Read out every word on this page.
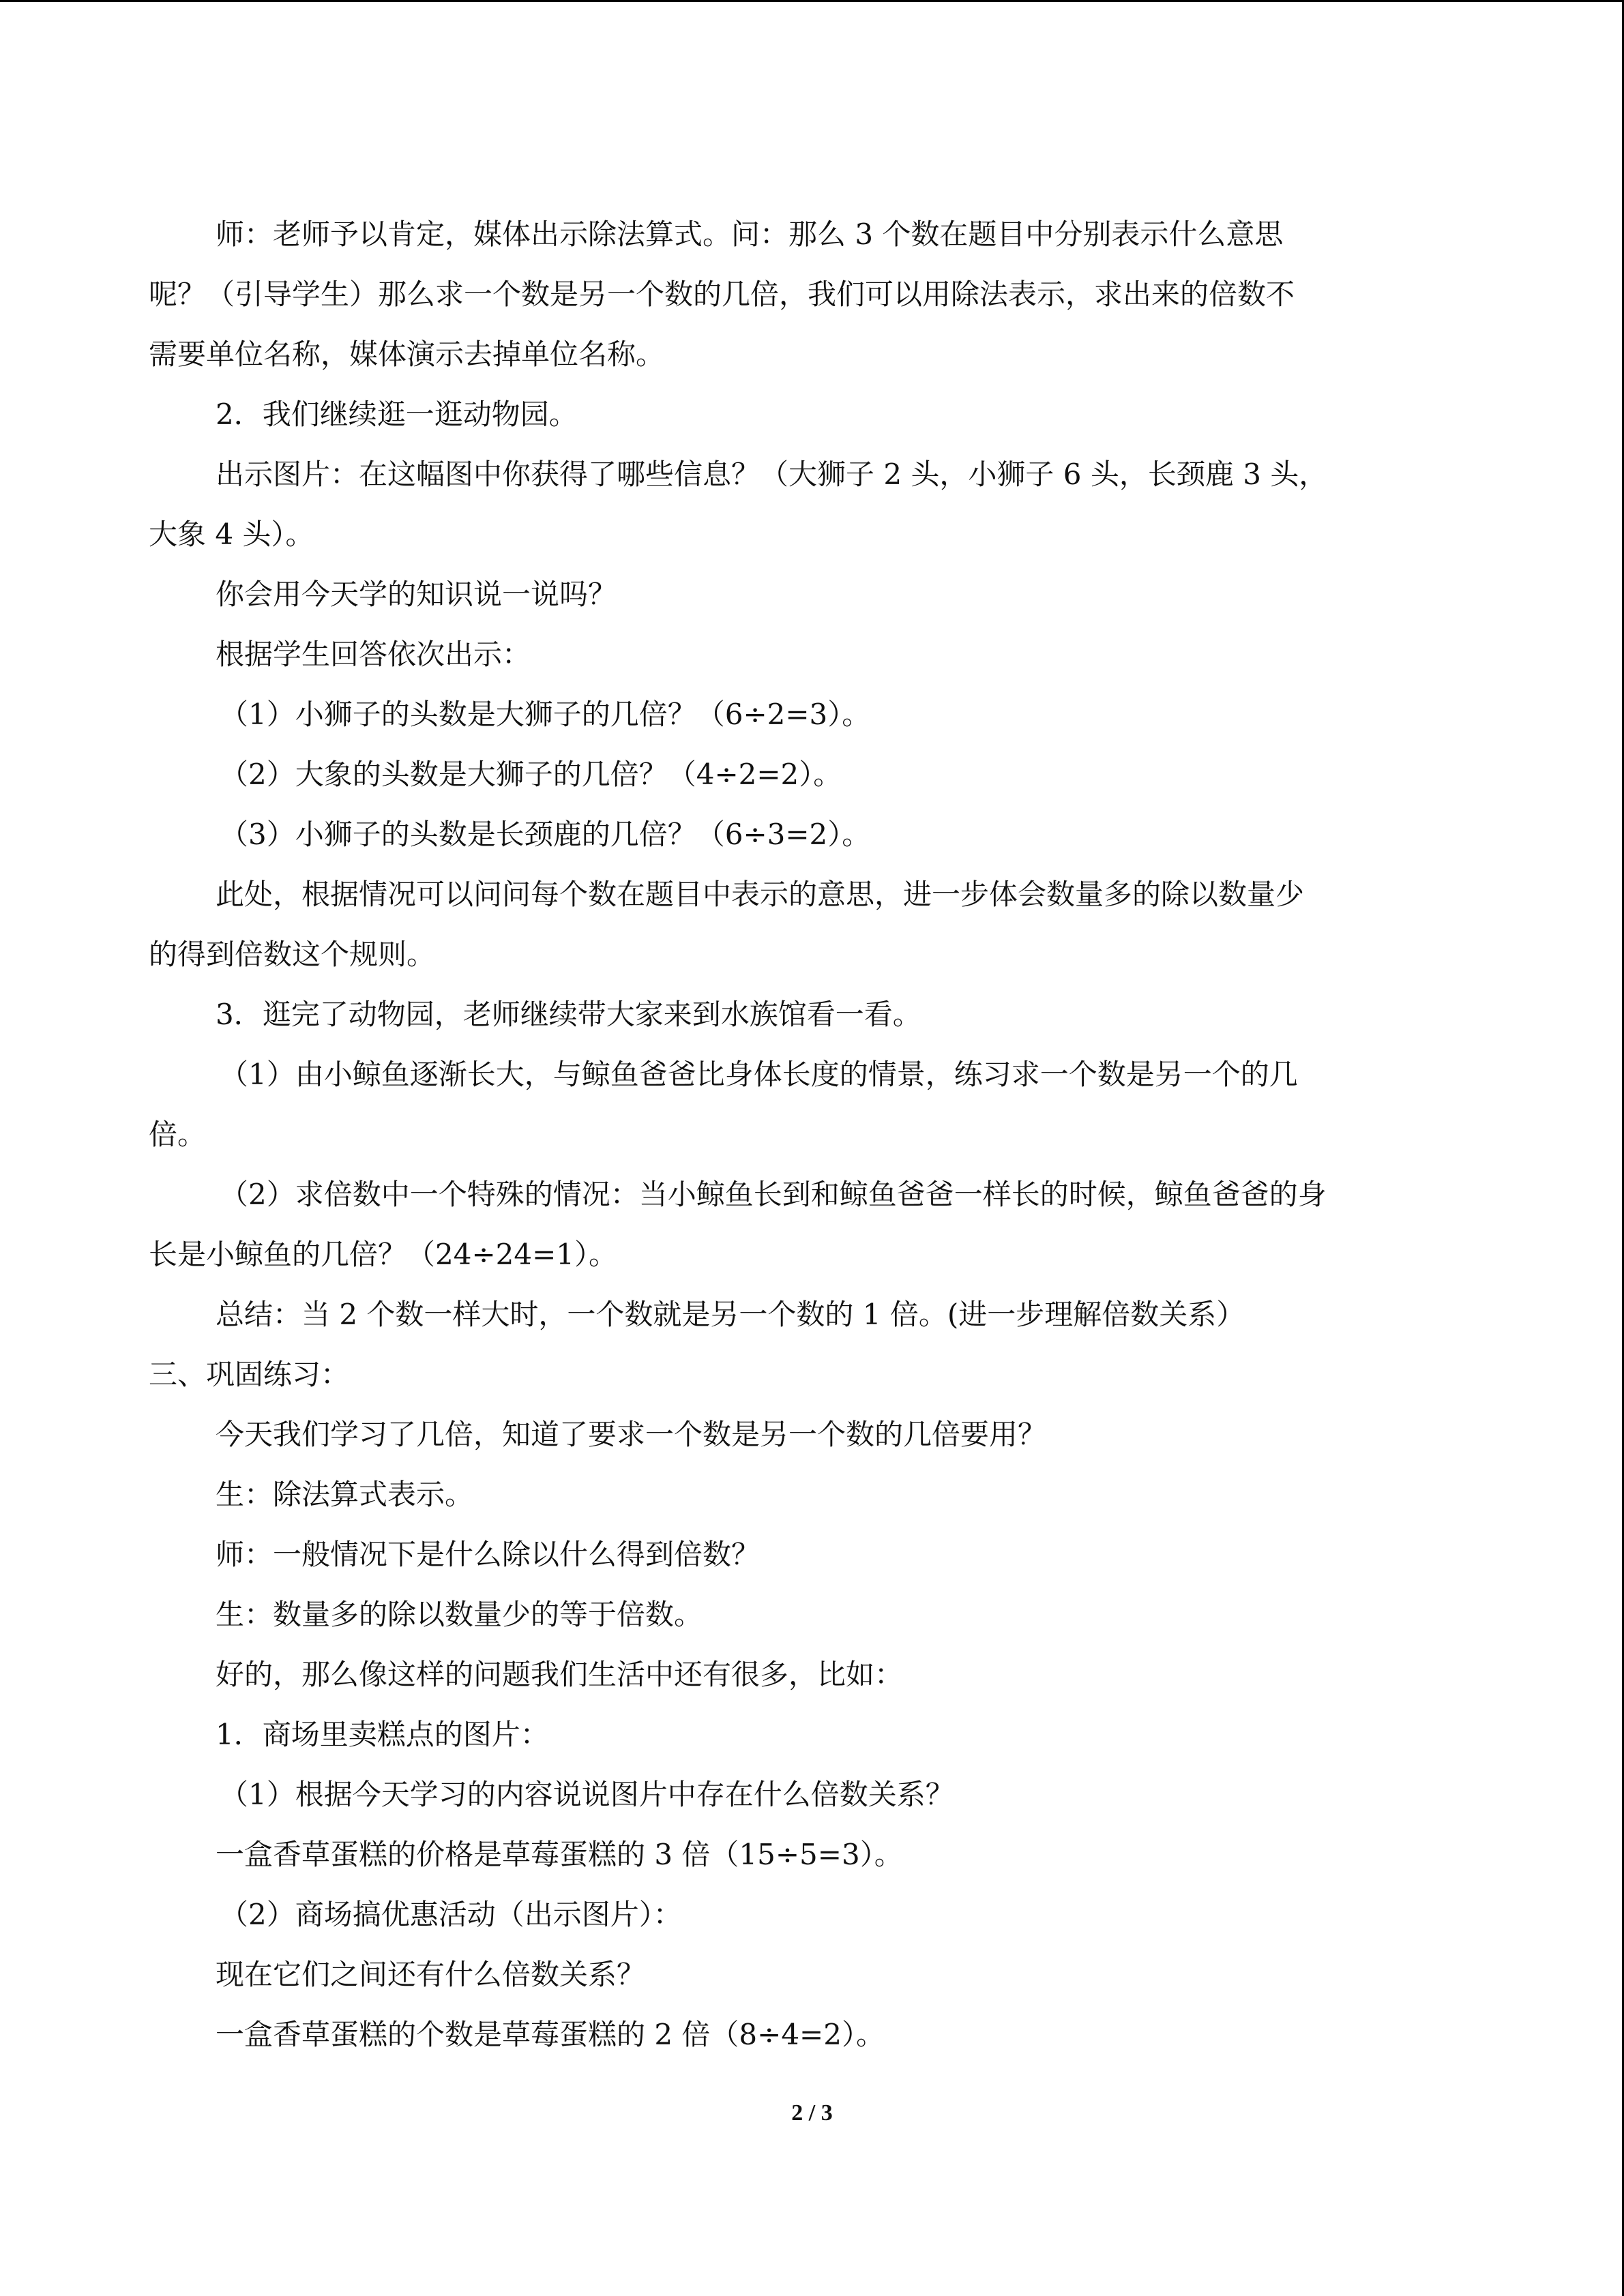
师：老师予以肯定，媒体出示除法算式。问：那么 3 个数在题目中分别表示什么意思
呢？（引导学生）那么求一个数是另一个数的几倍，我们可以用除法表示，求出来的倍数不
需要单位名称，媒体演示去掉单位名称。
2．我们继续逛一逛动物园。
出示图片：在这幅图中你获得了哪些信息？（大狮子 2 头，小狮子 6 头，长颈鹿 3 头，
大象 4 头）。
你会用今天学的知识说一说吗？
根据学生回答依次出示：
（1）小狮子的头数是大狮子的几倍？（6÷2=3）。
（2）大象的头数是大狮子的几倍？（4÷2=2）。
（3）小狮子的头数是长颈鹿的几倍？（6÷3=2）。
此处，根据情况可以问问每个数在题目中表示的意思，进一步体会数量多的除以数量少
的得到倍数这个规则。
3．逛完了动物园，老师继续带大家来到水族馆看一看。
（1）由小鲸鱼逐渐长大，与鲸鱼爸爸比身体长度的情景，练习求一个数是另一个的几
倍。
（2）求倍数中一个特殊的情况：当小鲸鱼长到和鲸鱼爸爸一样长的时候，鲸鱼爸爸的身
长是小鲸鱼的几倍？（24÷24=1）。
总结：当 2 个数一样大时，一个数就是另一个数的 1 倍。(进一步理解倍数关系）
三、巩固练习：
今天我们学习了几倍，知道了要求一个数是另一个数的几倍要用？
生：除法算式表示。
师：一般情况下是什么除以什么得到倍数？
生：数量多的除以数量少的等于倍数。
好的，那么像这样的问题我们生活中还有很多，比如：
1．商场里卖糕点的图片：
（1）根据今天学习的内容说说图片中存在什么倍数关系？
一盒香草蛋糕的价格是草莓蛋糕的 3 倍（15÷5=3）。
（2）商场搞优惠活动（出示图片）：
现在它们之间还有什么倍数关系？
一盒香草蛋糕的个数是草莓蛋糕的 2 倍（8÷4=2）。
2 / 3
